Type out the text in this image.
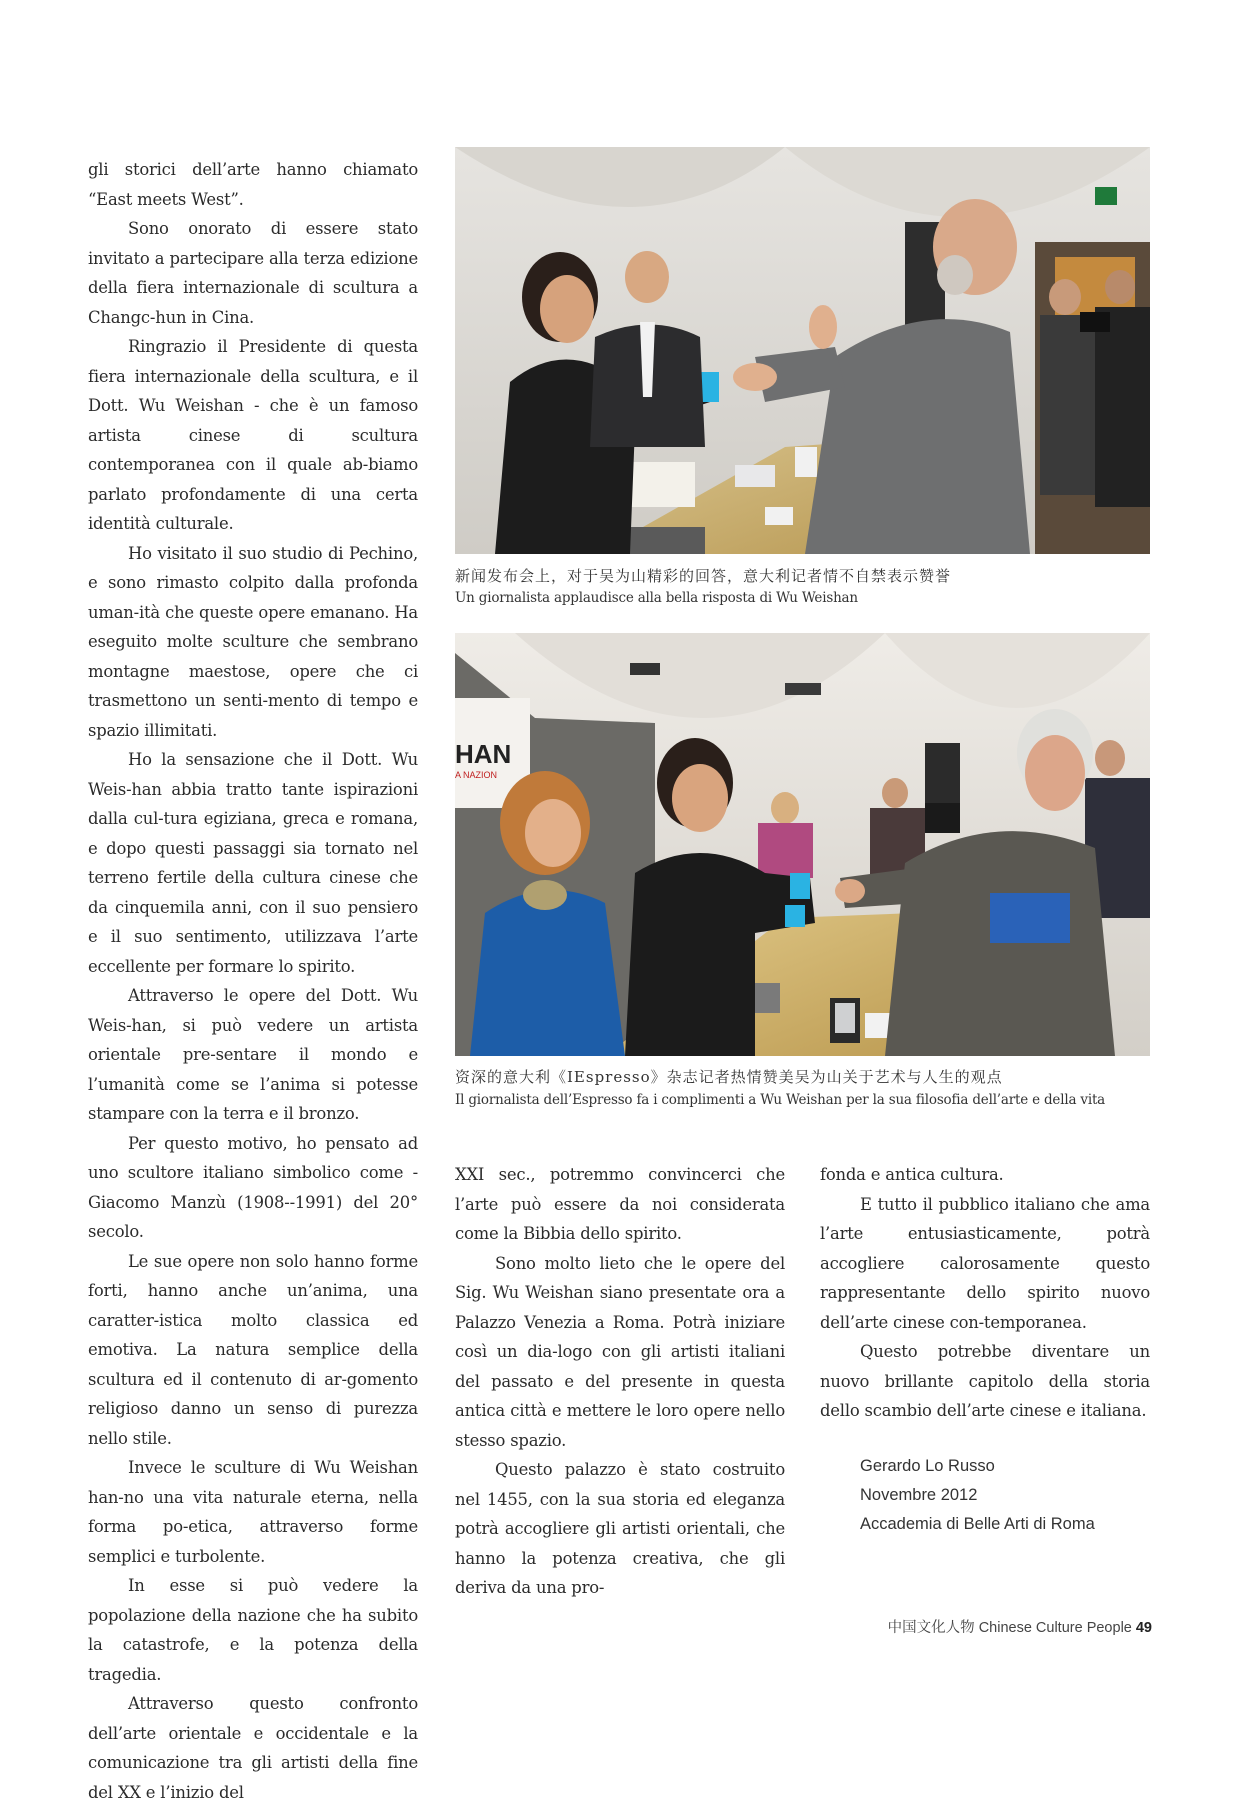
gli storici dell’arte hanno chiamato “East meets West”.

Sono onorato di essere stato invitato a partecipare alla terza edizione della fiera internazionale di scultura a Changc-hun in Cina.

Ringrazio il Presidente di questa fiera internazionale della scultura, e il Dott. Wu Weishan - che è un famoso artista cinese di scultura contemporanea con il quale ab-biamo parlato profondamente di una certa identità culturale.

Ho visitato il suo studio di Pechino, e sono rimasto colpito dalla profonda uman-ità che queste opere emanano. Ha eseguito molte sculture che sembrano montagne maestose, opere che ci trasmettono un senti-mento di tempo e spazio illimitati.

Ho la sensazione che il Dott. Wu Weis-han abbia tratto tante ispirazioni dalla cul-tura egiziana, greca e romana, e dopo questi passaggi sia tornato nel terreno fertile della cultura cinese che da cinquemila anni, con il suo pensiero e il suo sentimento, utilizzava l’arte eccellente per formare lo spirito.

Attraverso le opere del Dott. Wu Weis-han, si può vedere un artista orientale pre-sentare il mondo e l’umanità come se l’anima si potesse stampare con la terra e il bronzo.

Per questo motivo, ho pensato ad uno scultore italiano simbolico come - Giacomo Manzù (1908--1991) del 20° secolo.

Le sue opere non solo hanno forme forti, hanno anche un’anima, una caratter-istica molto classica ed emotiva. La natura semplice della scultura ed il contenuto di ar-gomento religioso danno un senso di purezza nello stile.

Invece le sculture di Wu Weishan han-no una vita naturale eterna, nella forma po-etica, attraverso forme semplici e turbolente.

In esse si può vedere la popolazione della nazione che ha subito la catastrofe, e la potenza della tragedia.

Attraverso questo confronto dell’arte orientale e occidentale e la comunicazione tra gli artisti della fine del XX e l’inizio del

新闻发布会上，对于吴为山精彩的回答，意大利记者情不自禁表示赞誉
Un giornalista applaudisce alla bella risposta di Wu Weishan
HAN
A NAZION
资深的意大利《IEspresso》杂志记者热情赞美吴为山关于艺术与人生的观点
Il giornalista dell’Espresso fa i complimenti a Wu Weishan per la sua filosofia dell’arte e della vita

XXI sec., potremmo convincerci che l’arte può essere da noi considerata come la Bibbia dello spirito.

Sono molto lieto che le opere del Sig. Wu Weishan siano presentate ora a Palazzo Venezia a Roma. Potrà iniziare così un dia-logo con gli artisti italiani del passato e del presente in questa antica città e mettere le loro opere nello stesso spazio.

Questo palazzo è stato costruito nel 1455, con la sua storia ed eleganza potrà accogliere gli artisti orientali, che hanno la potenza creativa, che gli deriva da una pro-

fonda e antica cultura.

E tutto il pubblico italiano che ama l’arte entusiasticamente, potrà accogliere calorosamente questo rappresentante dello spirito nuovo dell’arte cinese con-temporanea.

Questo potrebbe diventare un nuovo brillante capitolo della storia dello scambio dell’arte cinese e italiana.

Gerardo Lo Russo
Novembre 2012
Accademia di Belle Arti di Roma
中国文化人物 Chinese Culture People 49
